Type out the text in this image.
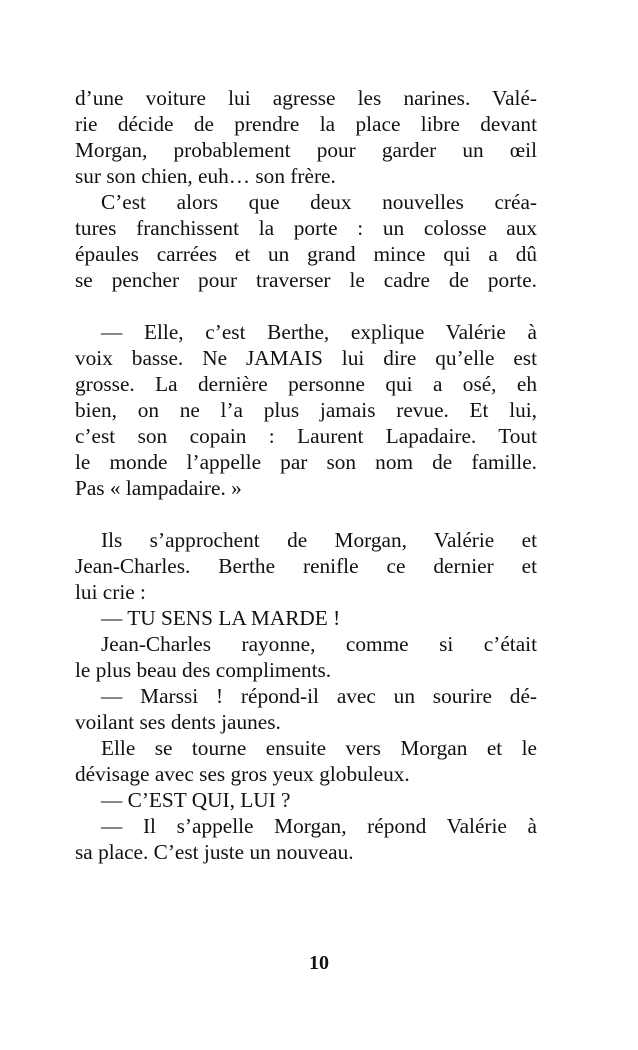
d’une voiture lui agresse les narines. Valé-
rie décide de prendre la place libre devant
Morgan, probablement pour garder un œil
sur son chien, euh… son frère.
C’est alors que deux nouvelles créa-
tures franchissent la porte : un colosse aux
épaules carrées et un grand mince qui a dû
se pencher pour traverser le cadre de porte.
— Elle, c’est Berthe, explique Valérie à
voix basse. Ne JAMAIS lui dire qu’elle est
grosse. La dernière personne qui a osé, eh
bien, on ne l’a plus jamais revue. Et lui,
c’est son copain : Laurent Lapadaire. Tout
le monde l’appelle par son nom de famille.
Pas « lampadaire. »
Ils s’approchent de Morgan, Valérie et
Jean-Charles. Berthe renifle ce dernier et
lui crie :
— TU SENS LA MARDE !
Jean-Charles rayonne, comme si c’était
le plus beau des compliments.
— Marssi ! répond-il avec un sourire dé-
voilant ses dents jaunes.
Elle se tourne ensuite vers Morgan et le
dévisage avec ses gros yeux globuleux.
— C’EST QUI, LUI ?
— Il s’appelle Morgan, répond Valérie à
sa place. C’est juste un nouveau.
10
